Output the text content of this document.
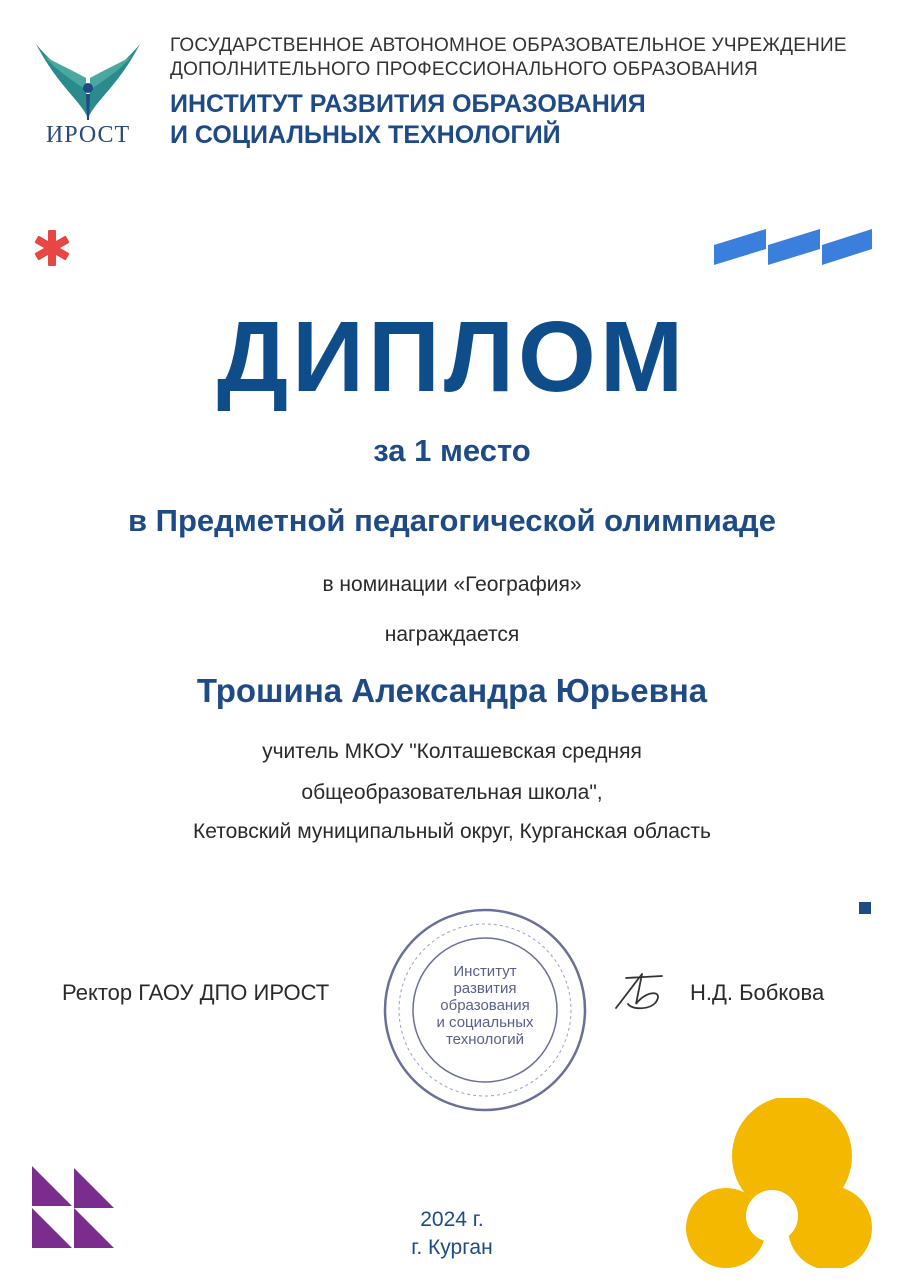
ИРОСТ
ГОСУДАРСТВЕННОЕ АВТОНОМНОЕ ОБРАЗОВАТЕЛЬНОЕ УЧРЕЖДЕНИЕ
ДОПОЛНИТЕЛЬНОГО ПРОФЕССИОНАЛЬНОГО ОБРАЗОВАНИЯ
ИНСТИТУТ РАЗВИТИЯ ОБРАЗОВАНИЯ
И СОЦИАЛЬНЫХ ТЕХНОЛОГИЙ
ДИПЛОМ
за 1 место
в Предметной педагогической олимпиаде
в номинации «География»
награждается
Трошина Александра Юрьевна
учитель МКОУ "Колташевская средняя
общеобразовательная школа",
Кетовский муниципальный округ, Курганская область
Ректор ГАОУ ДПО ИРОСТ
Институт
развития
образования
и социальных
технологий
Н.Д. Бобкова
2024 г.
г. Курган
